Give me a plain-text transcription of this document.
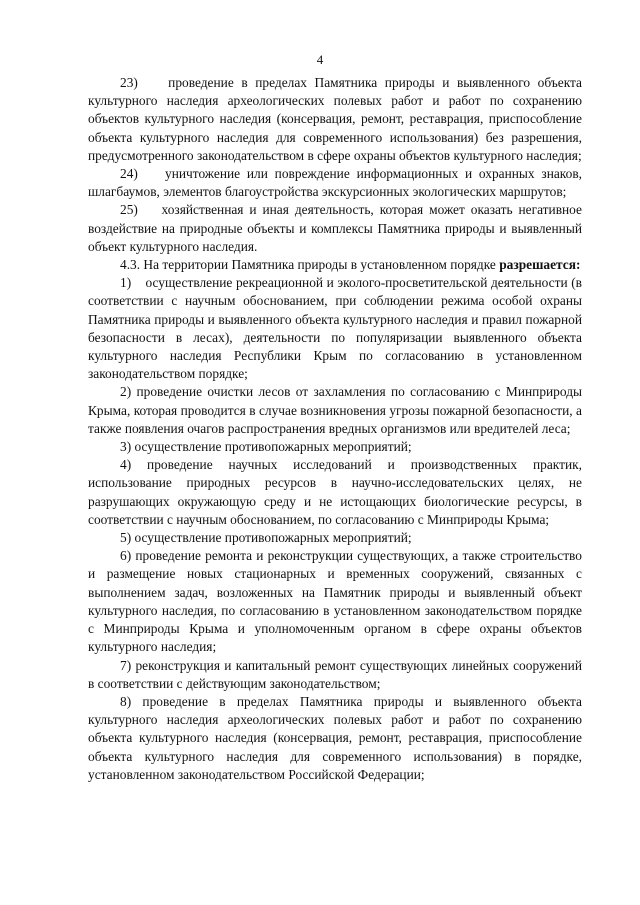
4

23)    проведение в пределах Памятника природы и выявленного объекта культурного наследия археологических полевых работ и работ по сохранению объектов культурного наследия (консервация, ремонт, реставрация, приспособление объекта культурного наследия для современного использования) без разрешения, предусмотренного законодательством в сфере охраны объектов культурного наследия;

24)    уничтожение или повреждение информационных и охранных знаков, шлагбаумов, элементов благоустройства экскурсионных экологических маршрутов;

25)    хозяйственная и иная деятельность, которая может оказать негативное воздействие на природные объекты и комплексы Памятника природы и выявленный объект культурного наследия.

4.3. На территории Памятника природы в установленном порядке разрешается:

1)    осуществление рекреационной и эколого-просветительской деятельности (в соответствии с научным обоснованием, при соблюдении режима особой охраны Памятника природы и выявленного объекта культурного наследия и правил пожарной безопасности в лесах), деятельности по популяризации выявленного объекта культурного наследия Республики Крым по согласованию в установленном законодательством порядке;

2) проведение очистки лесов от захламления по согласованию с Минприроды Крыма, которая проводится в случае возникновения угрозы пожарной безопасности, а также появления очагов распространения вредных организмов или вредителей леса;

3) осуществление противопожарных мероприятий;

4) проведение научных исследований и производственных практик, использование природных ресурсов в научно-исследовательских целях, не разрушающих окружающую среду и не истощающих биологические ресурсы, в соответствии с научным обоснованием, по согласованию с Минприроды Крыма;

5) осуществление противопожарных мероприятий;

6) проведение ремонта и реконструкции существующих, а также строительство и размещение новых стационарных и временных сооружений, связанных с выполнением задач, возложенных на Памятник природы и выявленный объект культурного наследия, по согласованию в установленном законодательством порядке с Минприроды Крыма и уполномоченным органом в сфере охраны объектов культурного наследия;

7) реконструкция и капитальный ремонт существующих линейных сооружений в соответствии с действующим законодательством;

8) проведение в пределах Памятника природы и выявленного объекта культурного наследия археологических полевых работ и работ по сохранению объекта культурного наследия (консервация, ремонт, реставрация, приспособление объекта культурного наследия для современного использования) в порядке, установленном законодательством Российской Федерации;
